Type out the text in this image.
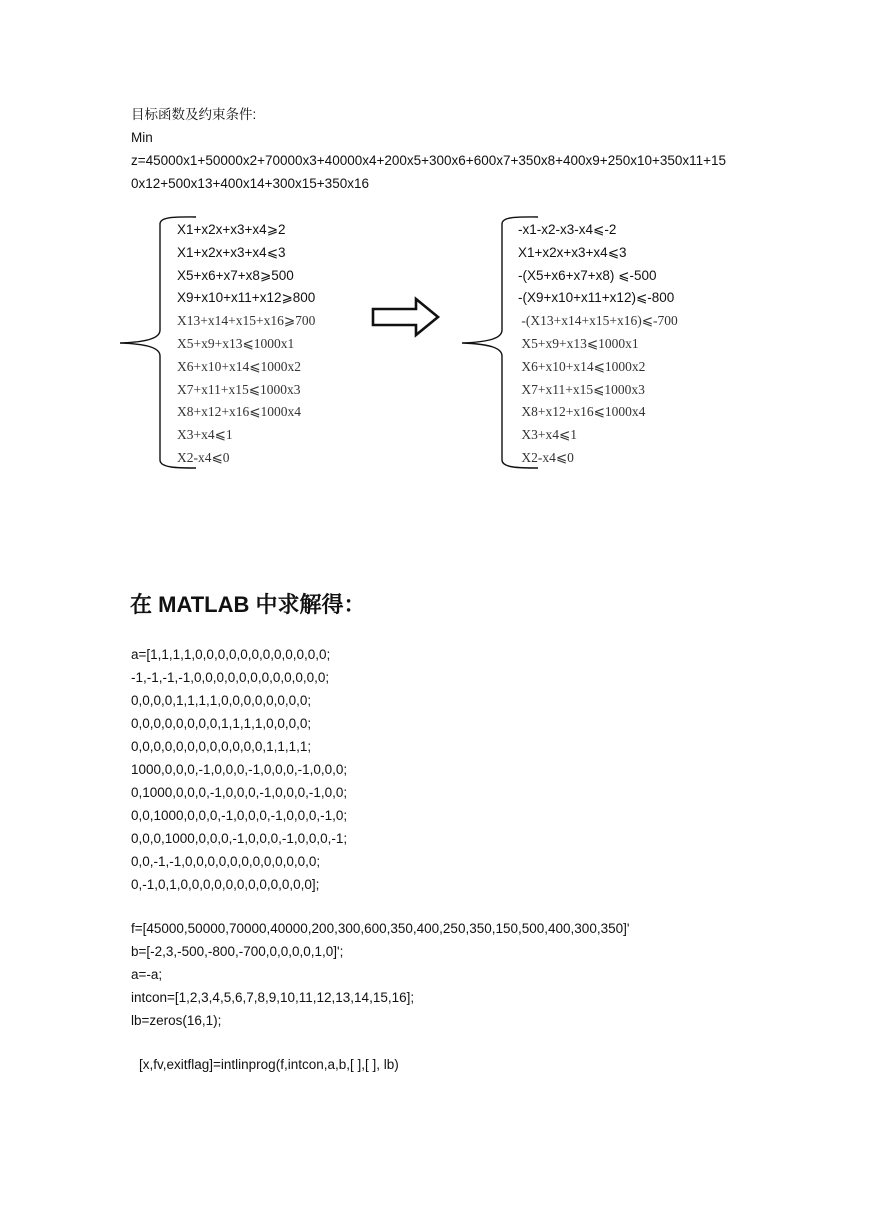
目标函数及约束条件:
Min
z=45000x1+50000x2+70000x3+40000x4+200x5+300x6+600x7+350x8+400x9+250x10+350x11+15
0x12+500x13+400x14+300x15+350x16
X1+x2x+x3+x4⩾2
X1+x2x+x3+x4⩽3
X5+x6+x7+x8⩾500
X9+x10+x11+x12⩾800
X13+x14+x15+x16⩾700
X5+x9+x13⩽1000x1
X6+x10+x14⩽1000x2
X7+x11+x15⩽1000x3
X8+x12+x16⩽1000x4
X3+x4⩽1
X2-x4⩽0
-x1-x2-x3-x4⩽-2
X1+x2x+x3+x4⩽3
-(X5+x6+x7+x8) ⩽-500
-(X9+x10+x11+x12)⩽-800
-(X13+x14+x15+x16)⩽-700
X5+x9+x13⩽1000x1
X6+x10+x14⩽1000x2
X7+x11+x15⩽1000x3
X8+x12+x16⩽1000x4
X3+x4⩽1
X2-x4⩽0
在 MATLAB 中求解得：
a=[1,1,1,1,0,0,0,0,0,0,0,0,0,0,0,0;
-1,-1,-1,-1,0,0,0,0,0,0,0,0,0,0,0,0;
0,0,0,0,1,1,1,1,0,0,0,0,0,0,0,0;
0,0,0,0,0,0,0,0,1,1,1,1,0,0,0,0;
0,0,0,0,0,0,0,0,0,0,0,0,1,1,1,1;
1000,0,0,0,-1,0,0,0,-1,0,0,0,-1,0,0,0;
0,1000,0,0,0,-1,0,0,0,-1,0,0,0,-1,0,0;
0,0,1000,0,0,0,-1,0,0,0,-1,0,0,0,-1,0;
0,0,0,1000,0,0,0,-1,0,0,0,-1,0,0,0,-1;
0,0,-1,-1,0,0,0,0,0,0,0,0,0,0,0,0;
0,-1,0,1,0,0,0,0,0,0,0,0,0,0,0,0];
f=[45000,50000,70000,40000,200,300,600,350,400,250,350,150,500,400,300,350]'
b=[-2,3,-500,-800,-700,0,0,0,0,1,0]';
a=-a;
intcon=[1,2,3,4,5,6,7,8,9,10,11,12,13,14,15,16];
lb=zeros(16,1);
[x,fv,exitflag]=intlinprog(f,intcon,a,b,[ ],[ ], lb)
